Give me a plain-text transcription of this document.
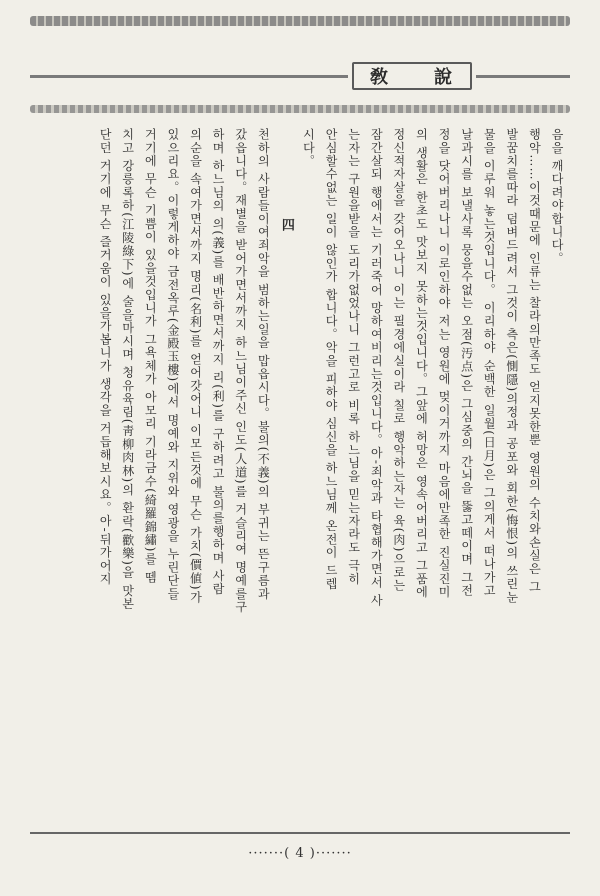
敎 說

음을 깨다려야합니다。

행악……이것때문에 인류는 찰라의만족도 얻지못한뿐 영원의 수치와손실은 그

발꿈치를따라 덤벼드려서 그것이 측은(惻隱)의정과 공포와 회한(悔恨)의 쓰린눈

물을 이루워 놓는것입니다。 이리하야 순백한 일월(日月)은 그의게서 떠나가고

날과시를 보낼사록 뭉을수없는 오점(汚点)은 그심중의 간뇌을 뚫고떼이며 그전

정을 닷어버리나니 이로인하야 저는 영원에 멎이거까지 마음에만족한 진실진미

의 생활은 한초도 맛보지 못하는것입니다。그앞에 허망은 영속어버리고 그품에

정신적자살을 갖어오나니 이는 필경에실이라 칠로 행악하는자는 육(肉)으로는

잠간살되 행에서는 기러죽어 망하여비리는것입니다。아-죄악과 타협해가면서 사

는자는 구원을받을 도리가없었나니 그런고로 비록 하느님을 믿는자라도 극히

안심할수없는 일이 않인가 합니다。악을 피하야 심신을 하느님께 온전이 드렙

시다。

四

천하의 사람들이여죄악을 범하는일을 맙읍시다。불의(不義)의 부귀는 뜬구름과

갔읍니다。재별을 받어가면서까지 하느님이주신 인도(人道)를 거슬리여 명예를구

하며 하느님의 의(義)를 배반하면서까지 리(利)를 구하려고 불의를행하며 사람

의순을 속여가면서까지 명리(名利)를 얻어갓어니 이모든것에 무슨 가치(價値)가

있으리요。이렇게하야 금전옥루(金殿玉樓)에서 명예와 지위와 영광을 누린단들

거기에 무슨 기쁨이 있을것입니가 그욕체가 아모리 기라금수(綺羅錦繡)를 뗌

치고 강릉록하(江陵綠下)에 술을마시며 청유육림(靑柳肉林)의 환락(歡樂)을 맛본

단던 거기에 무슨 즐거움이 있을가봅니가 생각을 거듭해보시요。아-뒤가어지

·······( 4 )·······
